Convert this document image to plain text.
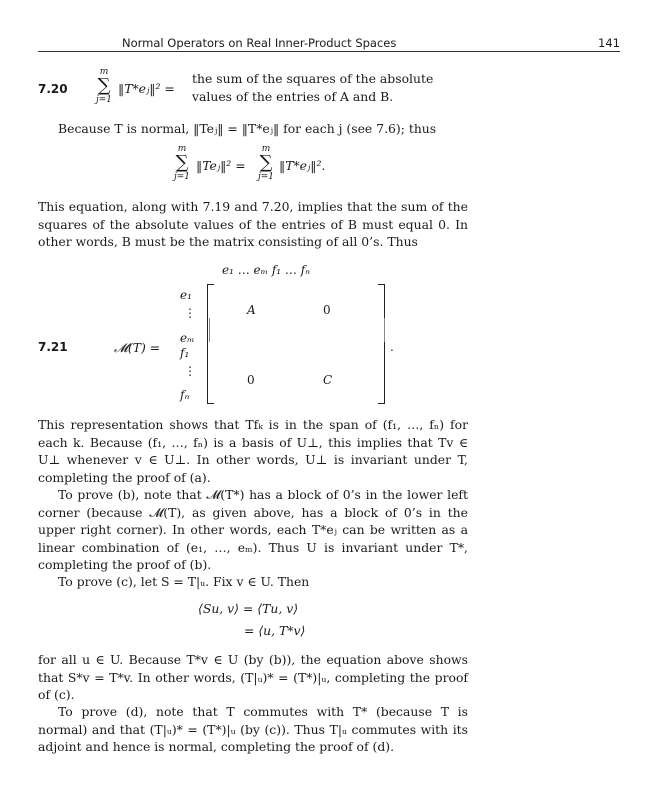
Normal Operators on Real Inner-Product Spaces	141
7.20
m
∑
j=1
‖T*eⱼ‖² =
the sum of the squares of the absolute
values of the entries of A and B.
Because T is normal, ‖Teⱼ‖ = ‖T*eⱼ‖ for each j (see 7.6); thus
m
∑
j=1
‖Teⱼ‖² =
m
∑
j=1
‖T*eⱼ‖².

This equation, along with 7.19 and 7.20, implies that the sum of the squares of the absolute values of the entries of B must equal 0. In other words, B must be the matrix consisting of all 0’s. Thus

e₁ … eₘ f₁ … fₙ
7.21	𝓜(T) =
e₁
⋮
eₘ
f₁
⋮
fₙ
A	0
0	C
.

This representation shows that Tfₖ is in the span of (f₁, …, fₙ) for each k. Because (f₁, …, fₙ) is a basis of U⊥, this implies that Tv ∈ U⊥ whenever v ∈ U⊥. In other words, U⊥ is invariant under T, completing the proof of (a).

To prove (b), note that 𝓜(T*) has a block of 0’s in the lower left corner (because 𝓜(T), as given above, has a block of 0’s in the upper right corner). In other words, each T*eⱼ can be written as a linear combination of (e₁, …, eₘ). Thus U is invariant under T*, completing the proof of (b).

To prove (c), let S = T|ᵤ. Fix v ∈ U. Then
⟨Su, v⟩ = ⟨Tu, v⟩
= ⟨u, T*v⟩

for all u ∈ U. Because T*v ∈ U (by (b)), the equation above shows that S*v = T*v. In other words, (T|ᵤ)* = (T*)|ᵤ, completing the proof of (c).

To prove (d), note that T commutes with T* (because T is normal) and that (T|ᵤ)* = (T*)|ᵤ (by (c)). Thus T|ᵤ commutes with its adjoint and hence is normal, completing the proof of (d).
